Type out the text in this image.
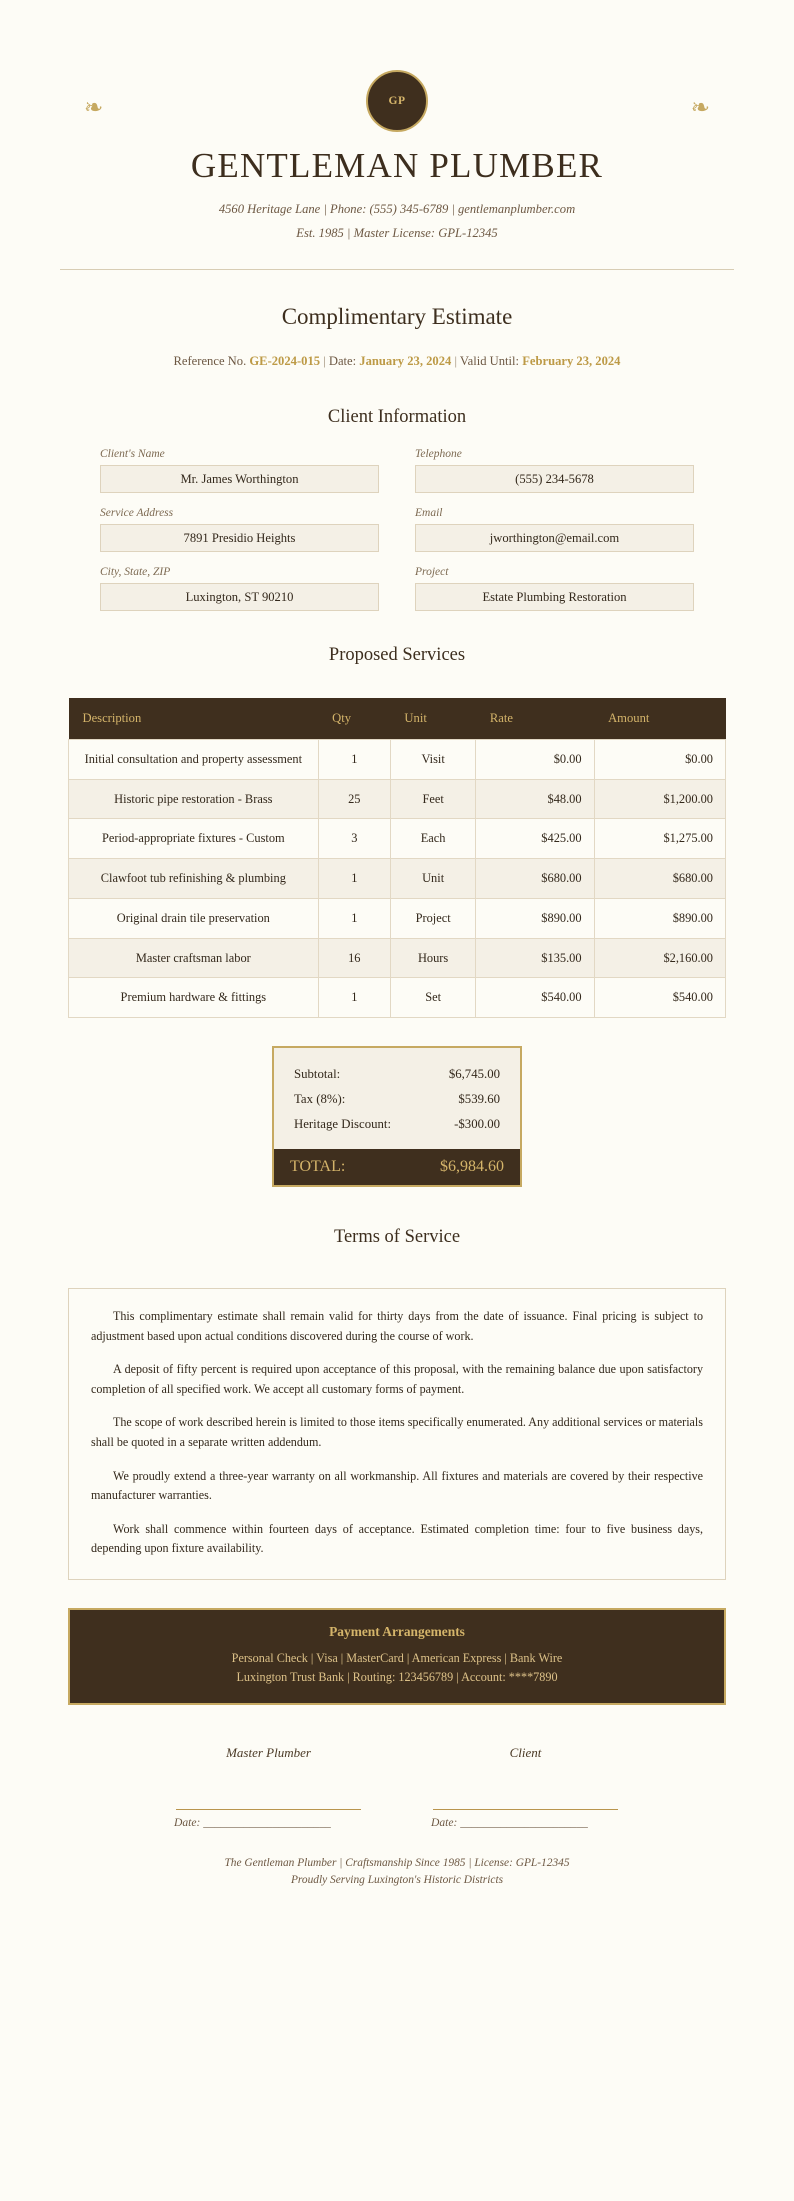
❧	❧
GP
GENTLEMAN PLUMBER
4560 Heritage Lane | Phone: (555) 345-6789 | gentlemanplumber.com
Est. 1985 | Master License: GPL-12345
Complimentary Estimate
Reference No. GE-2024-015 | Date: January 23, 2024 | Valid Until: February 23, 2024
Client Information
Client's Name
Mr. James Worthington
Telephone
(555) 234-5678
Service Address
7891 Presidio Heights
Email
jworthington@email.com
City, State, ZIP
Luxington, ST 90210
Project
Estate Plumbing Restoration
Proposed Services
Description	Qty	Unit	Rate	Amount
Initial consultation and property assessment	1	Visit	$0.00	$0.00
Historic pipe restoration - Brass	25	Feet	$48.00	$1,200.00
Period-appropriate fixtures - Custom	3	Each	$425.00	$1,275.00
Clawfoot tub refinishing & plumbing	1	Unit	$680.00	$680.00
Original drain tile preservation	1	Project	$890.00	$890.00
Master craftsman labor	16	Hours	$135.00	$2,160.00
Premium hardware & fittings	1	Set	$540.00	$540.00
Subtotal:	$6,745.00
Tax (8%):	$539.60
Heritage Discount:	-$300.00
TOTAL:	$6,984.60
Terms of Service

This complimentary estimate shall remain valid for thirty days from the date of issuance. Final pricing is subject to adjustment based upon actual conditions discovered during the course of work.

A deposit of fifty percent is required upon acceptance of this proposal, with the remaining balance due upon satisfactory completion of all specified work. We accept all customary forms of payment.

The scope of work described herein is limited to those items specifically enumerated. Any additional services or materials shall be quoted in a separate written addendum.

We proudly extend a three-year warranty on all workmanship. All fixtures and materials are covered by their respective manufacturer warranties.

Work shall commence within fourteen days of acceptance. Estimated completion time: four to five business days, depending upon fixture availability.

Payment Arrangements
Personal Check | Visa | MasterCard | American Express | Bank Wire
Luxington Trust Bank | Routing: 123456789 | Account: ****7890
Master Plumber
Date: ______________________
Client
Date: ______________________
The Gentleman Plumber | Craftsmanship Since 1985 | License: GPL-12345
Proudly Serving Luxington's Historic Districts
